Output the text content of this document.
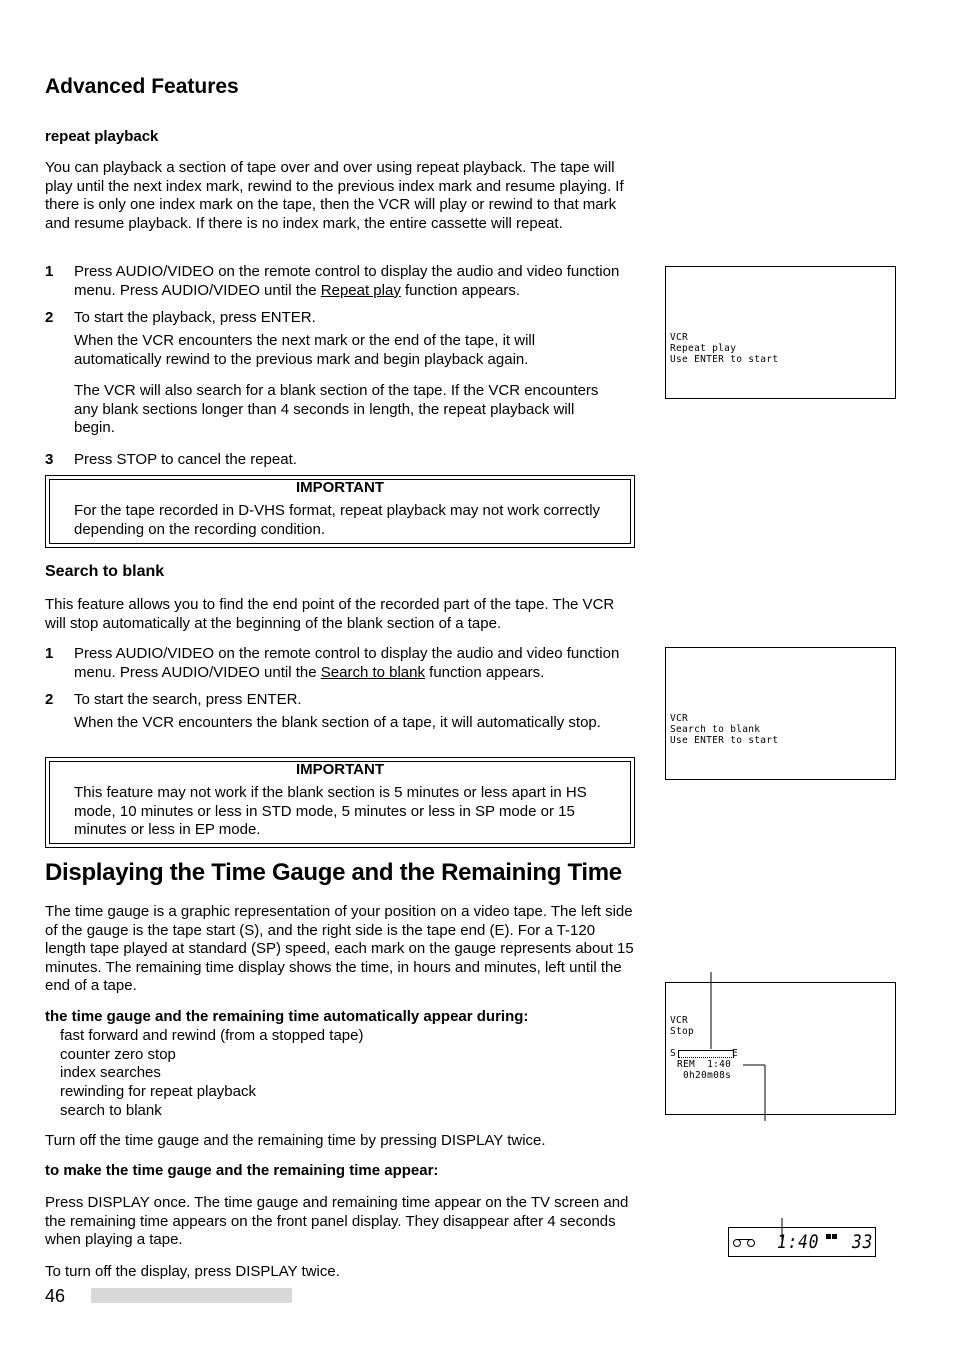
Advanced Features
repeat playback
You can playback a section of tape over and over using repeat playback. The tape will play until the next index mark, rewind to the previous index mark and resume playing. If there is only one index mark on the tape, then the VCR will play or rewind to that mark and resume playback. If there is no index mark, the entire cassette will repeat.
1 Press AUDIO/VIDEO on the remote control to display the audio and video function menu. Press AUDIO/VIDEO until the Repeat play function appears.
2 To start the playback, press ENTER.
When the VCR encounters the next mark or the end of the tape, it will automatically rewind to the previous mark and begin playback again.
The VCR will also search for a blank section of the tape. If the VCR encounters any blank sections longer than 4 seconds in length, the repeat playback will begin.
3 Press STOP to cancel the repeat.
IMPORTANT
For the tape recorded in D-VHS format, repeat playback may not work correctly depending on the recording condition.
VCR
Repeat play
Use ENTER to start
Search to blank
This feature allows you to find the end point of the recorded part of the tape. The VCR will stop automatically at the beginning of the blank section of a tape.
1 Press AUDIO/VIDEO on the remote control to display the audio and video function menu. Press AUDIO/VIDEO until the Search to blank function appears.
2 To start the search, press ENTER.
When the VCR encounters the blank section of a tape, it will automatically stop.
IMPORTANT
This feature may not work if the blank section is 5 minutes or less apart in HS mode, 10 minutes or less in STD mode, 5 minutes or less in SP mode or 15 minutes or less in EP mode.
VCR
Search to blank
Use ENTER to start
Displaying the Time Gauge and the Remaining Time
The time gauge is a graphic representation of your position on a video tape. The left side of the gauge is the tape start (S), and the right side is the tape end (E). For a T-120 length tape played at standard (SP) speed, each mark on the gauge represents about 15 minutes. The remaining time display shows the time, in hours and minutes, left until the end of a tape.
the time gauge and the remaining time automatically appear during:
fast forward and rewind (from a stopped tape)
counter zero stop
index searches
rewinding for repeat playback
search to blank
Turn off the time gauge and the remaining time by pressing DISPLAY twice.
to make the time gauge and the remaining time appear:
Press DISPLAY once. The time gauge and remaining time appear on the TV screen and the remaining time appears on the front panel display. They disappear after 4 seconds when playing a tape.
To turn off the display, press DISPLAY twice.
VCR
Stop
S	E
REM  1:40
0h20m08s
1:40 33
46
